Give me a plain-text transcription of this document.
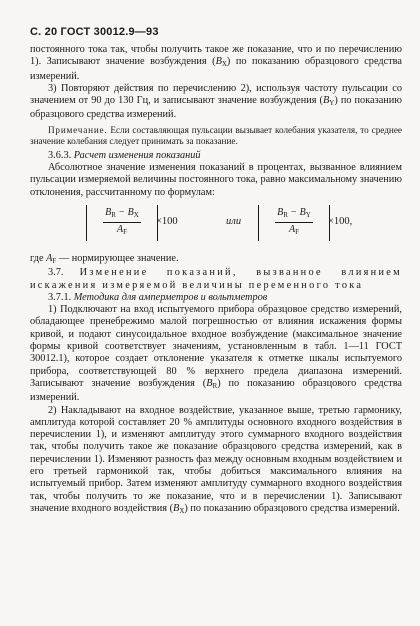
С. 20 ГОСТ 30012.9—93

постоянного тока так, чтобы получить такое же показание, что и по перечислению 1). Записывают значение возбуждения $(B_X)$ по показанию образцового средства измерений.

3) Повторяют действия по перечислению 2), используя частоту пульсации со значением от 90 до 130 Гц, и записывают значение возбуждения $(B_Y)$ по показанию образцового средства измерений.

Примечание. Если составляющая пульсации вызывает колебания указателя, то среднее значение колебания следует принимать за показание.

3.6.3. Расчет изменения показаний

Абсолютное значение изменения показаний в процентах, вызванное влиянием пульсации измеряемой величины постоянного тока, равно максимальному значению отклонения, рассчитанному по формулам:

$\frac{B_R - B_X}{A_F}$
×100	или $\frac{B_R - B_Y}{A_F}$
×100,

где $A_F$ — нормирующее значение.

3.7. Изменение показаний, вызванное влиянием искажения измеряемой величины переменного тока

3.7.1. Методика для амперметров и вольтметров

1) Подключают на вход испытуемого прибора образцовое средство измерений, обладающее пренебрежимо малой погрешностью от влияния искажения формы кривой, и подают синусоидальное входное возбуждение (максимальное значение формы кривой соответствует значениям, установленным в табл. 1—11 ГОСТ 30012.1), которое создает отклонение указателя к отметке шкалы испытуемого прибора, соответствующей 80 % верхнего предела диапазона измерений. Записывают значение возбуждения $(B_R)$ по показанию образцового средства измерений.

2) Накладывают на входное воздействие, указанное выше, третью гармонику, амплитуда которой составляет 20 % амплитуды основного входного воздействия в перечислении 1), и изменяют амплитуду этого суммарного входного воздействия так, чтобы получить такое же показание образцового средства измерений, как в перечислении 1). Изменяют разность фаз между основным входным воздействием и его третьей гармоникой так, чтобы добиться максимального влияния на испытуемый прибор. Затем изменяют амплитуду суммарного входного воздействия так, чтобы получить то же показание, что и в перечислении 1). Записывают значение входного воздействия $(B_X)$ по показанию образцового средства измерений.
